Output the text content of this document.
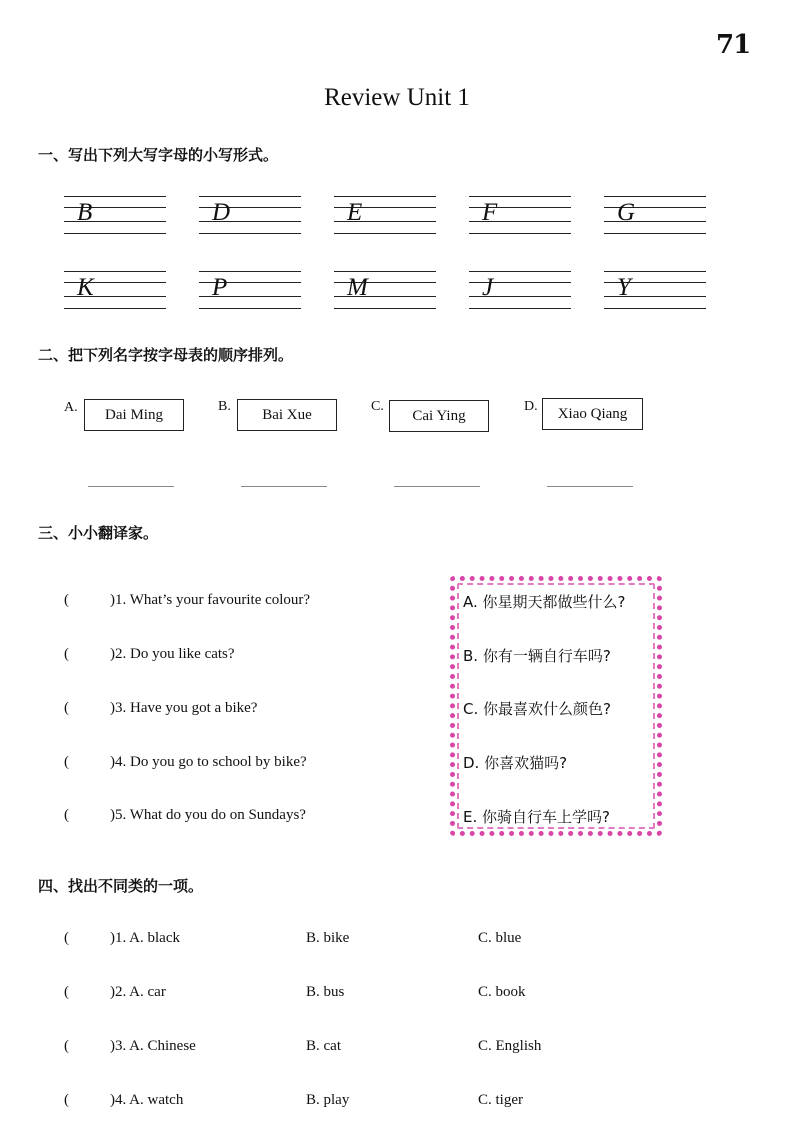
71
Review Unit 1
一、写出下列大写字母的小写形式。
B	D	E	F	G
K	P	M	J	Y
二、把下列名字按字母表的顺序排列。
A.	Dai Ming	B.	Bai Xue	C.
Cai Ying
D.	Xiao Qiang
三、小小翻译家。
(	)1. What’s your favourite colour?
(	)2. Do you like cats?
(	)3. Have you got a bike?
(	)4. Do you go to school by bike?
(	)5. What do you do on Sundays?
A. 你星期天都做些什么?
B. 你有一辆自行车吗?
C. 你最喜欢什么颜色?
D. 你喜欢猫吗?
E. 你骑自行车上学吗?
四、找出不同类的一项。
(	)1. A. black	B. bike	C. blue
(	)2. A. car	B. bus	C. book
(	)3. A. Chinese	B. cat	C. English
(	)4. A. watch	B. play	C. tiger
